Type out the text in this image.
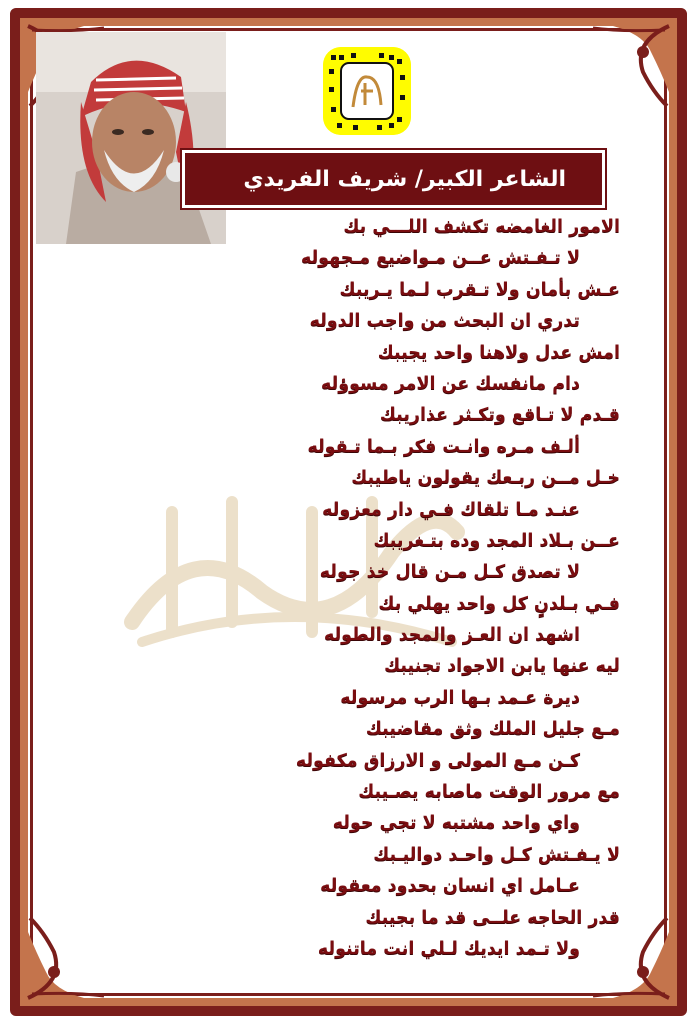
الشاعر الكبير/ شريف الفريدي
الامور الغامضه تكشف اللـــي بك
لا تـفـتش عــن مـواضيع مـجهوله
عـش بأمان ولا تـقرب لـما يـريبك
تدري ان البحث من واجب الدوله
امش عدل ولاهنا واحد يجيبك
دام مانفسك عن الامر مسوؤله
قـدم لا تـاقع وتكـثر عذاريبك
ألـف مـره وانـت فكر بـما تـقوله
خـل مــن ربـعك يقولون ياطيبك
عنـد مـا تلقاك فـي دار معزوله
عــن بـلاد المجد وده بتـغريبك
لا تصدق كـل مـن قال خذ جوله
فـي بـلدنٍ كل واحد يهلي بك
اشهد ان العـز والمجد والطوله
ليه عنها يابن الاجواد تجنيبك
ديرة عـمد بـها الرب مرسوله
مـع جليل الملك وثق مقاضيبك
كـن مـع المولى و الارزاق مكفوله
مع مرور الوقت ماصابه يصـيبك
واي واحد مشتبه لا تجي حوله
لا يـفـتش كـل واحـد دواليـبك
عـامل اي انسان بحدود معقوله
قدر الحاجه علــى قد ما بجيبك
ولا تـمد ايديك لـلي انت ماتنوله
